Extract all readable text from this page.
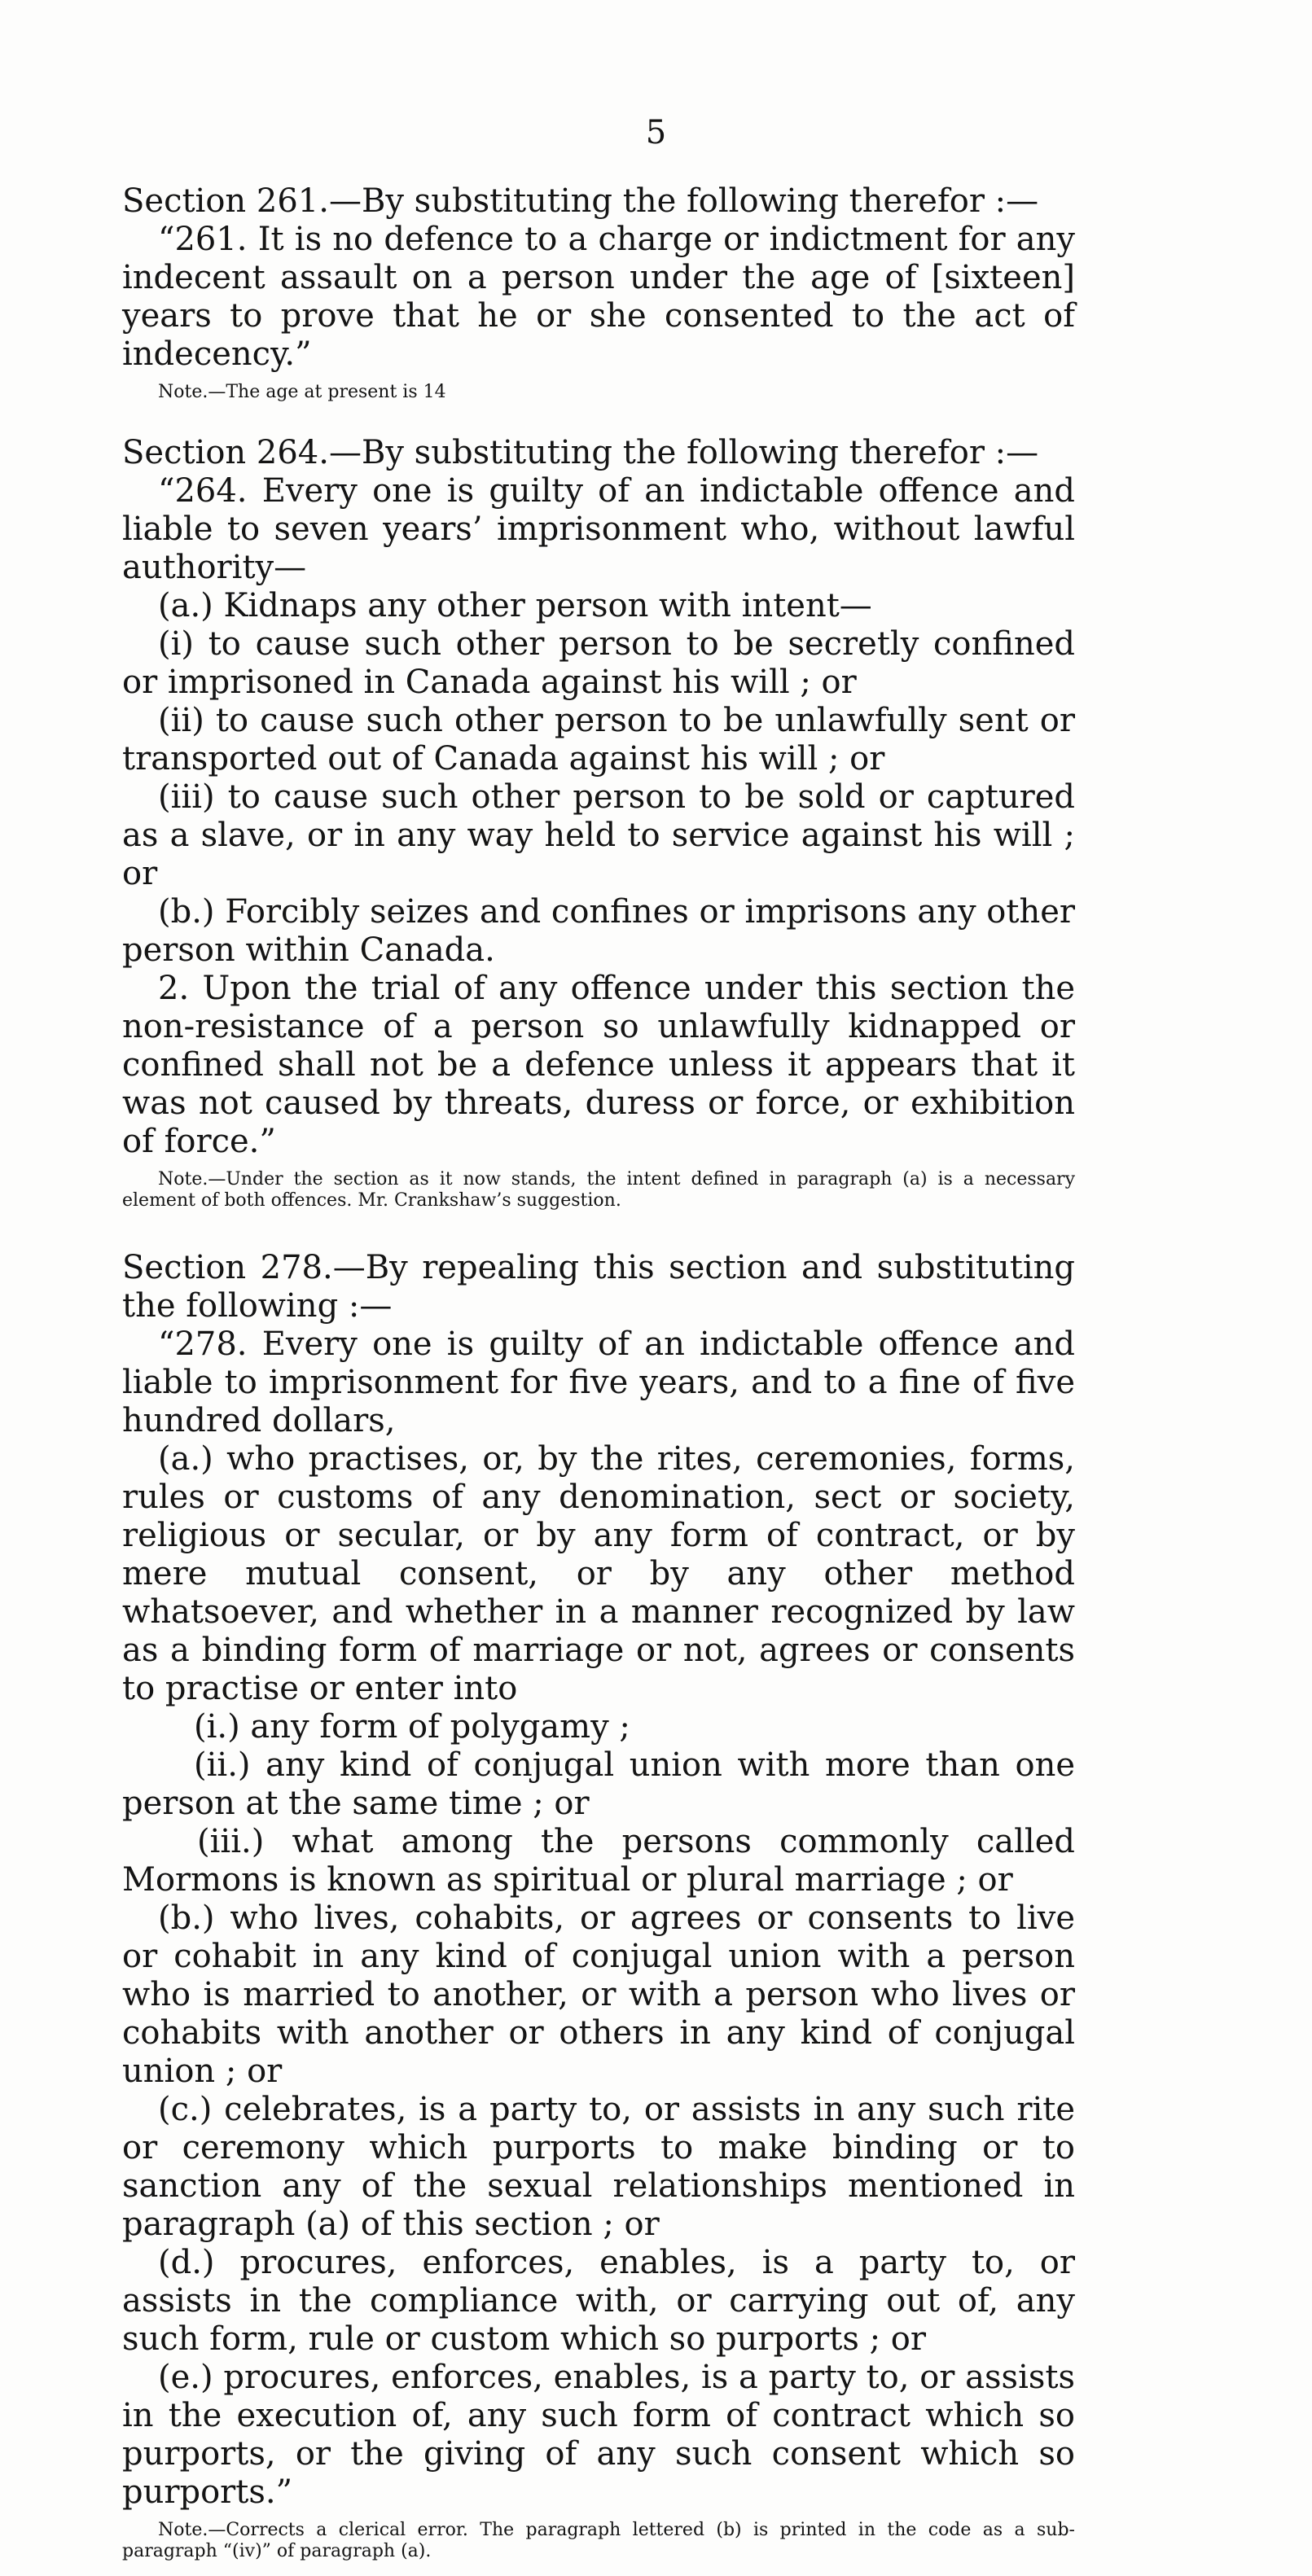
5

Section 261.—By substituting the following therefor :—

“261. It is no defence to a charge or indictment for any indecent assault on a person under the age of [sixteen] years to prove that he or she consented to the act of indecency.”

Note.—The age at present is 14

Section 264.—By substituting the following therefor :—

“264. Every one is guilty of an indictable offence and liable to seven years’ imprisonment who, without lawful authority—

(a.) Kidnaps any other person with intent—

(i) to cause such other person to be secretly confined or imprisoned in Canada against his will ; or

(ii) to cause such other person to be unlawfully sent or transported out of Canada against his will ; or

(iii) to cause such other person to be sold or captured as a slave, or in any way held to service against his will ; or

(b.) Forcibly seizes and confines or imprisons any other person within Canada.

2. Upon the trial of any offence under this section the non-resistance of a person so unlawfully kidnapped or confined shall not be a defence unless it appears that it was not caused by threats, duress or force, or exhibition of force.”

Note.—Under the section as it now stands, the intent defined in paragraph (a) is a necessary element of both offences. Mr. Crankshaw’s suggestion.

Section 278.—By repealing this section and substituting the following :—

“278. Every one is guilty of an indictable offence and liable to imprisonment for five years, and to a fine of five hundred dollars,

(a.) who practises, or, by the rites, ceremonies, forms, rules or customs of any denomination, sect or society, religious or secular, or by any form of contract, or by mere mutual consent, or by any other method whatsoever, and whether in a manner recognized by law as a binding form of marriage or not, agrees or consents to practise or enter into

(i.) any form of polygamy ;

(ii.) any kind of conjugal union with more than one person at the same time ; or

(iii.) what among the persons commonly called Mormons is known as spiritual or plural marriage ; or

(b.) who lives, cohabits, or agrees or consents to live or cohabit in any kind of conjugal union with a person who is married to another, or with a person who lives or cohabits with another or others in any kind of conjugal union ; or

(c.) celebrates, is a party to, or assists in any such rite or ceremony which purports to make binding or to sanction any of the sexual relationships mentioned in paragraph (a) of this section ; or

(d.) procures, enforces, enables, is a party to, or assists in the compliance with, or carrying out of, any such form, rule or custom which so purports ; or

(e.) procures, enforces, enables, is a party to, or assists in the execution of, any such form of contract which so purports, or the giving of any such consent which so purports.”

Note.—Corrects a clerical error. The paragraph lettered (b) is printed in the code as a sub-paragraph “(iv)” of paragraph (a).
